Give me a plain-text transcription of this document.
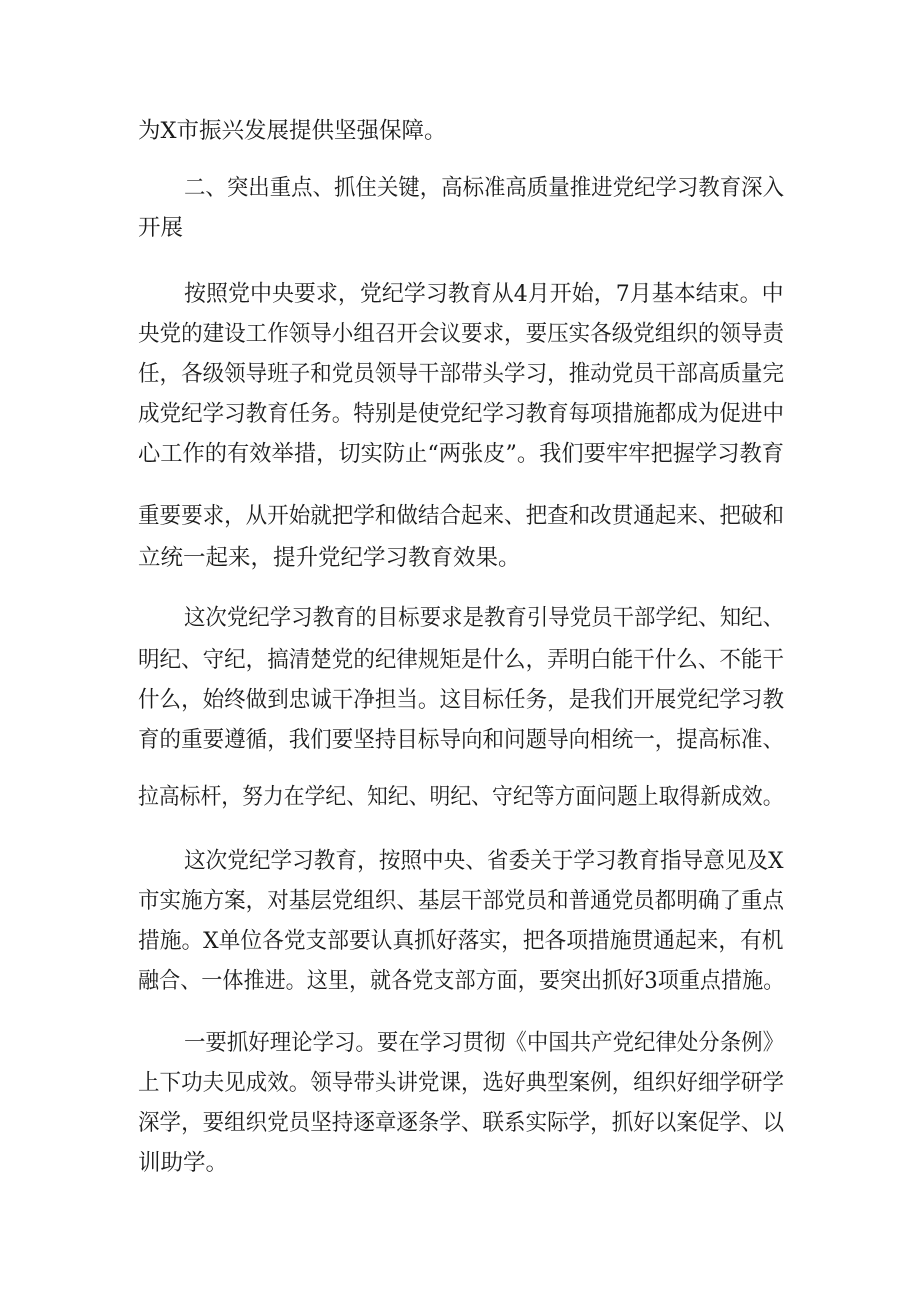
为X市振兴发展提供坚强保障。
二、突出重点、抓住关键，高标准高质量推进党纪学习教育深入
开展
按照党中央要求，党纪学习教育从4月开始，7月基本结束。中
央党的建设工作领导小组召开会议要求，要压实各级党组织的领导责
任，各级领导班子和党员领导干部带头学习，推动党员干部高质量完
成党纪学习教育任务。特别是使党纪学习教育每项措施都成为促进中
心工作的有效举措，切实防止“两张皮”。我们要牢牢把握学习教育
重要要求，从开始就把学和做结合起来、把查和改贯通起来、把破和
立统一起来，提升党纪学习教育效果。
这次党纪学习教育的目标要求是教育引导党员干部学纪、知纪、
明纪、守纪，搞清楚党的纪律规矩是什么，弄明白能干什么、不能干
什么，始终做到忠诚干净担当。这目标任务，是我们开展党纪学习教
育的重要遵循，我们要坚持目标导向和问题导向相统一，提高标准、
拉高标杆，努力在学纪、知纪、明纪、守纪等方面问题上取得新成效。
这次党纪学习教育，按照中央、省委关于学习教育指导意见及X
市实施方案，对基层党组织、基层干部党员和普通党员都明确了重点
措施。X单位各党支部要认真抓好落实，把各项措施贯通起来，有机
融合、一体推进。这里，就各党支部方面，要突出抓好3项重点措施。
一要抓好理论学习。要在学习贯彻《中国共产党纪律处分条例》
上下功夫见成效。领导带头讲党课，选好典型案例，组织好细学研学
深学，要组织党员坚持逐章逐条学、联系实际学，抓好以案促学、以
训助学。
